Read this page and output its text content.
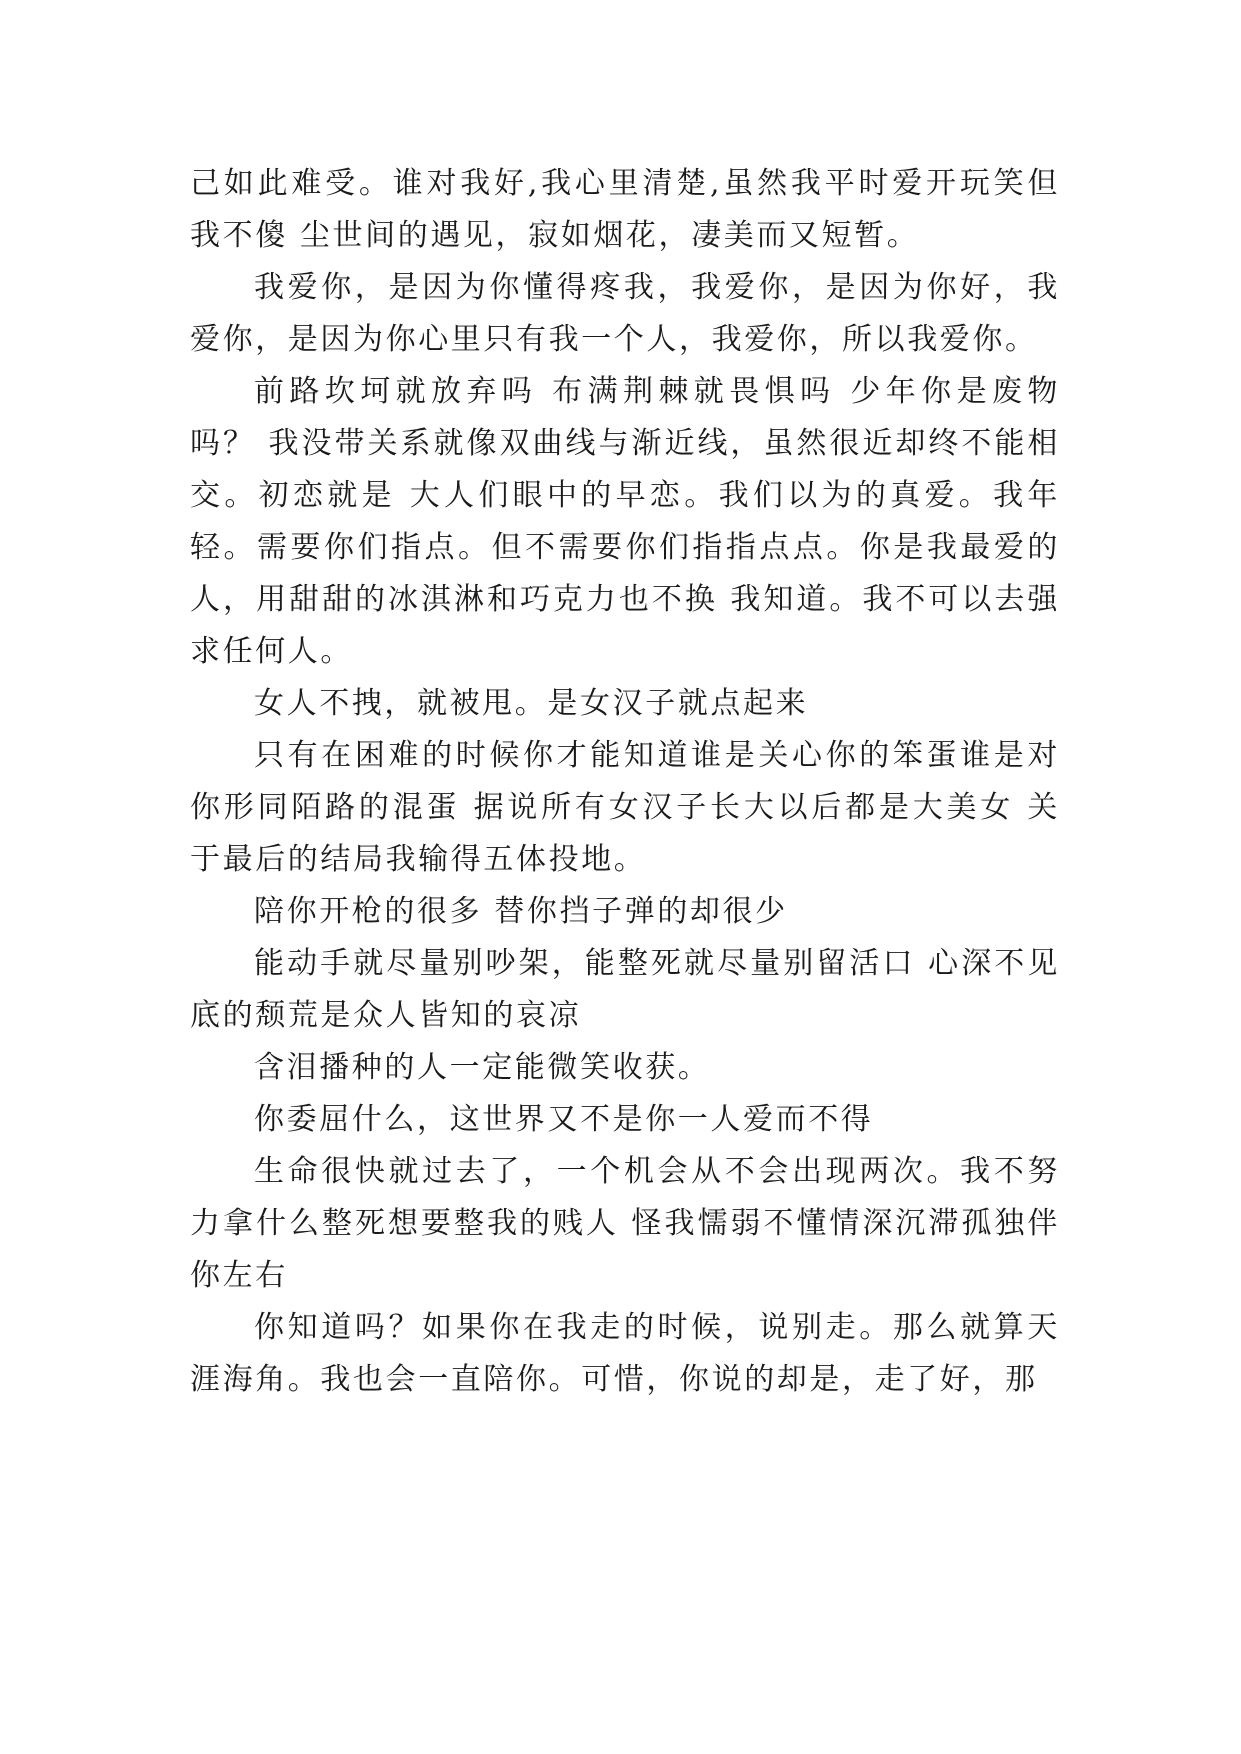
己如此难受。谁对我好,我心里清楚,虽然我平时爱开玩笑但我不傻 尘世间的遇见，寂如烟花，凄美而又短暂。

我爱你，是因为你懂得疼我，我爱你，是因为你好，我爱你，是因为你心里只有我一个人，我爱你，所以我爱你。

前路坎坷就放弃吗 布满荆棘就畏惧吗 少年你是废物吗？ 我没带关系就像双曲线与渐近线，虽然很近却终不能相交。初恋就是 大人们眼中的早恋。我们以为的真爱。我年轻。需要你们指点。但不需要你们指指点点。你是我最爱的人，用甜甜的冰淇淋和巧克力也不换 我知道。我不可以去强求任何人。

女人不拽，就被甩。是女汉子就点起来

只有在困难的时候你才能知道谁是关心你的笨蛋谁是对你形同陌路的混蛋 据说所有女汉子长大以后都是大美女 关于最后的结局我输得五体投地。

陪你开枪的很多 替你挡子弹的却很少

能动手就尽量别吵架，能整死就尽量别留活口 心深不见底的颓荒是众人皆知的哀凉

含泪播种的人一定能微笑收获。

你委屈什么，这世界又不是你一人爱而不得

生命很快就过去了，一个机会从不会出现两次。我不努力拿什么整死想要整我的贱人 怪我懦弱不懂情深沉滞孤独伴你左右

你知道吗？如果你在我走的时候，说别走。那么就算天涯海角。我也会一直陪你。可惜，你说的却是，走了好，那
